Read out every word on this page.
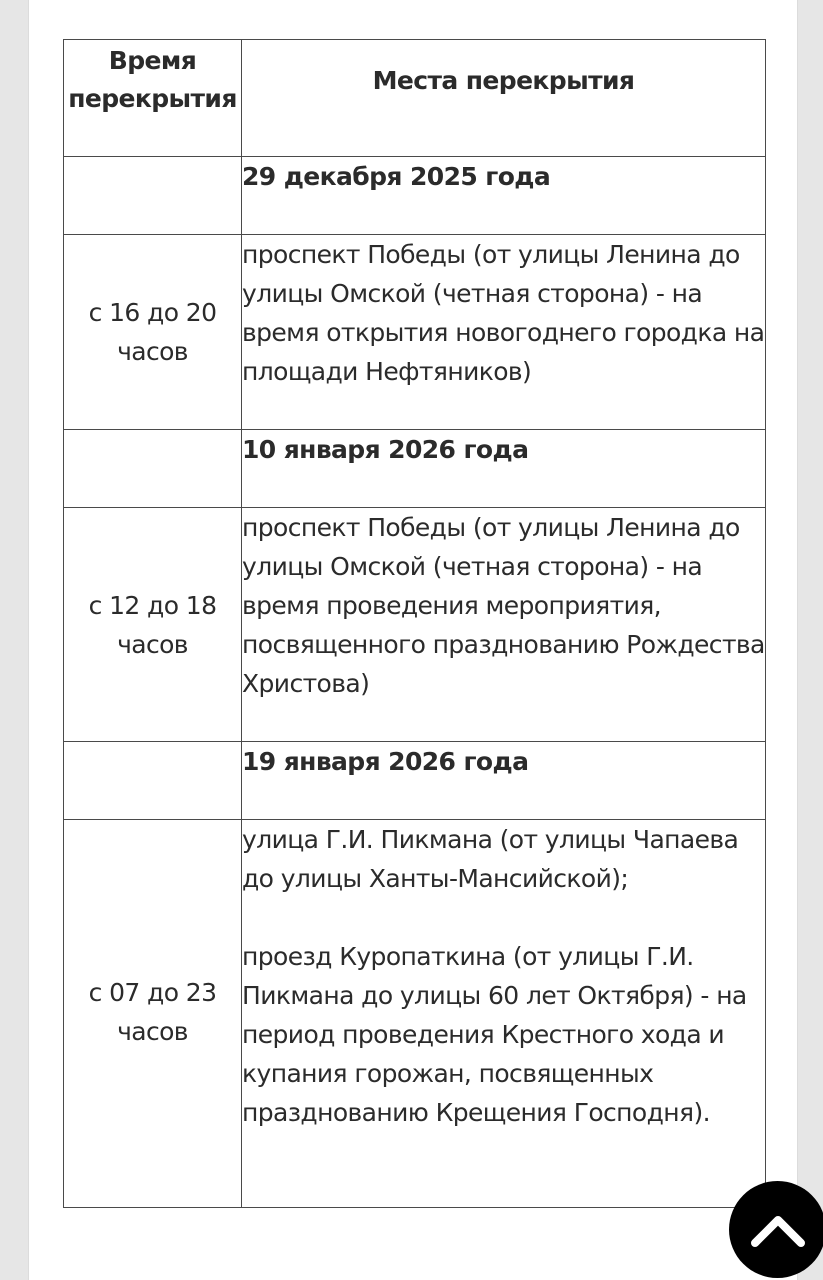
Время перекрытия	Места перекрытия
	29 декабря 2025 года
с 16 до 20 часов	проспект Победы (от улицы Ленина до улицы Омской (четная сторона) - на время открытия новогоднего городка на площади Нефтяников)

	10 января 2026 года
с 12 до 18 часов	проспект Победы (от улицы Ленина до улицы Омской (четная сторона) - на время проведения мероприятия, посвященного празднованию Рождества Христова)

	19 января 2026 года
с 07 до 23 часов	улица Г.И. Пикмана (от улицы Чапаева до улицы Ханты-Мансийской);
проезд Куропаткина (от улицы Г.И. Пикмана до улицы 60 лет Октября) - на период проведения Крестного хода и купания горожан, посвященных празднованию Крещения Господня).
